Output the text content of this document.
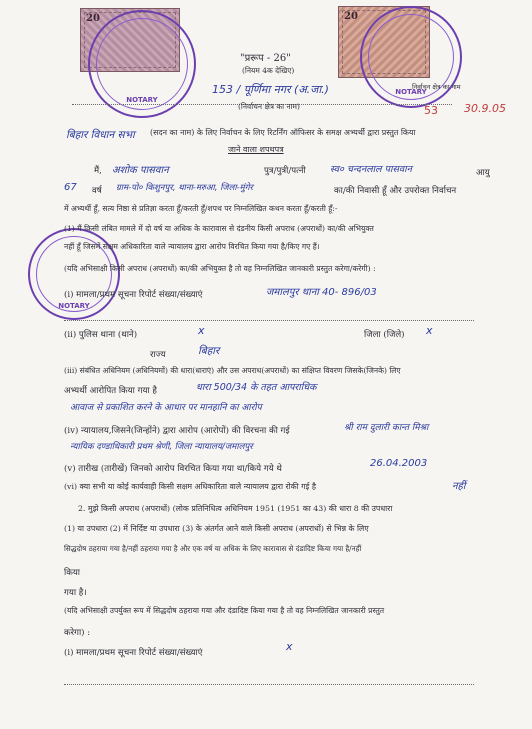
20	20
NOTARY
NOTARY
NOTARY
"प्ररूप - 26"
(नियम 4क देखिए)
153 / पूर्णिमा नगर (अ.जा.)
(निर्वाचन क्षेत्र का नाम)
निर्वाचन क्षेत्र का नाम
53 30.9.05
बिहार विधान सभा (सदन का नाम) के लिए निर्वाचन के लिए रिटर्निंग ऑफिसर के समक्ष अभ्यर्थी द्वारा प्रस्तुत किया
जाने वाला शपथपत्र
मैं, अशोक पासवान	पुत्र/पुत्री/पत्नी	स्व० चन्दनलाल पासवान	आयु
67 वर्ष ग्राम-पो० किशुनपुर, थाना-मरुआ, जिला-मुंगेर	का/की निवासी हूँ और उपरोक्त निर्वाचन
में अभ्यर्थी हूँ, सत्य निष्ठा से प्रतिज्ञा करता हूँ/करती हूँ/शपथ पर निम्नलिखित कथन करता हूँ/करती हूँ:-
(1) मैं किसी लंबित मामले में दो वर्ष या अधिक के कारावास से दंडनीय किसी अपराध (अपराधों) का/की अभियुक्त
नहीं हूँ जिसमें सक्षम अधिकारिता वाले न्यायालय द्वारा आरोप विरचित किया गया है/किए गए हैं।
(यदि अभिसाक्षी किसी अपराध (अपराधों) का/की अभियुक्त है तो वह निम्नलिखित जानकारी प्रस्तुत करेगा/करेगी) :
(i) मामला/प्रथम सूचना रिपोर्ट संख्या/संख्याएं	जमालपुर थाना 40- 896/03
(ii) पुलिस थाना (थाने)	x	जिला (जिले) x
राज्य	बिहार
(iii) संबंधित अधिनियम (अधिनियमों) की धारा(धाराएं) और उस अपराध(अपराधों) का संक्षिप्त विवरण जिसके(जिनके) लिए
अभ्यर्थी आरोपित किया गया है	धारा 500/34 के तहत आपराधिक
आवाज से प्रकाशित करने के आधार पर मानहानि का आरोप
(iv) न्यायालय,जिसने(जिन्होंने) द्वारा आरोप (आरोपों) की विरचना की गई	श्री राम दुलारी कान्त मिश्रा
न्यायिक दण्डाधिकारी प्रथम श्रेणी, जिला न्यायालय/जमालपुर
(v) तारीख (तारीखें) जिनको आरोप विरचित किया गया था/किये गये थे	26.04.2003
(vi) क्या सभी या कोई कार्यवाही किसी सक्षम अधिकारिता वाले न्यायालय द्वारा रोकी गई है	नहीं
2. मुझे किसी अपराध (अपराधों) (लोक प्रतिनिधित्व अधिनियम 1951 (1951 का 43) की धारा 8 की उपधारा
(1) या उपधारा (2) में निर्दिष्ट या उपधारा (3) के अंतर्गत आने वाले किसी अपराध (अपराधों) से भिन्न के लिए
सिद्धदोष ठहराया गया है/नहीं ठहराया गया है और एक वर्ष या अधिक के लिए कारावास से दंडादिष्ट किया गया है/नहीं
किया
गया है।
(यदि अभिसाक्षी उपर्युक्त रूप में सिद्धदोष ठहराया गया और दंडादिष्ट किया गया है तो वह निम्नलिखित जानकारी प्रस्तुत
करेगा) :
(i) मामला/प्रथम सूचना रिपोर्ट संख्या/संख्याएं	x
